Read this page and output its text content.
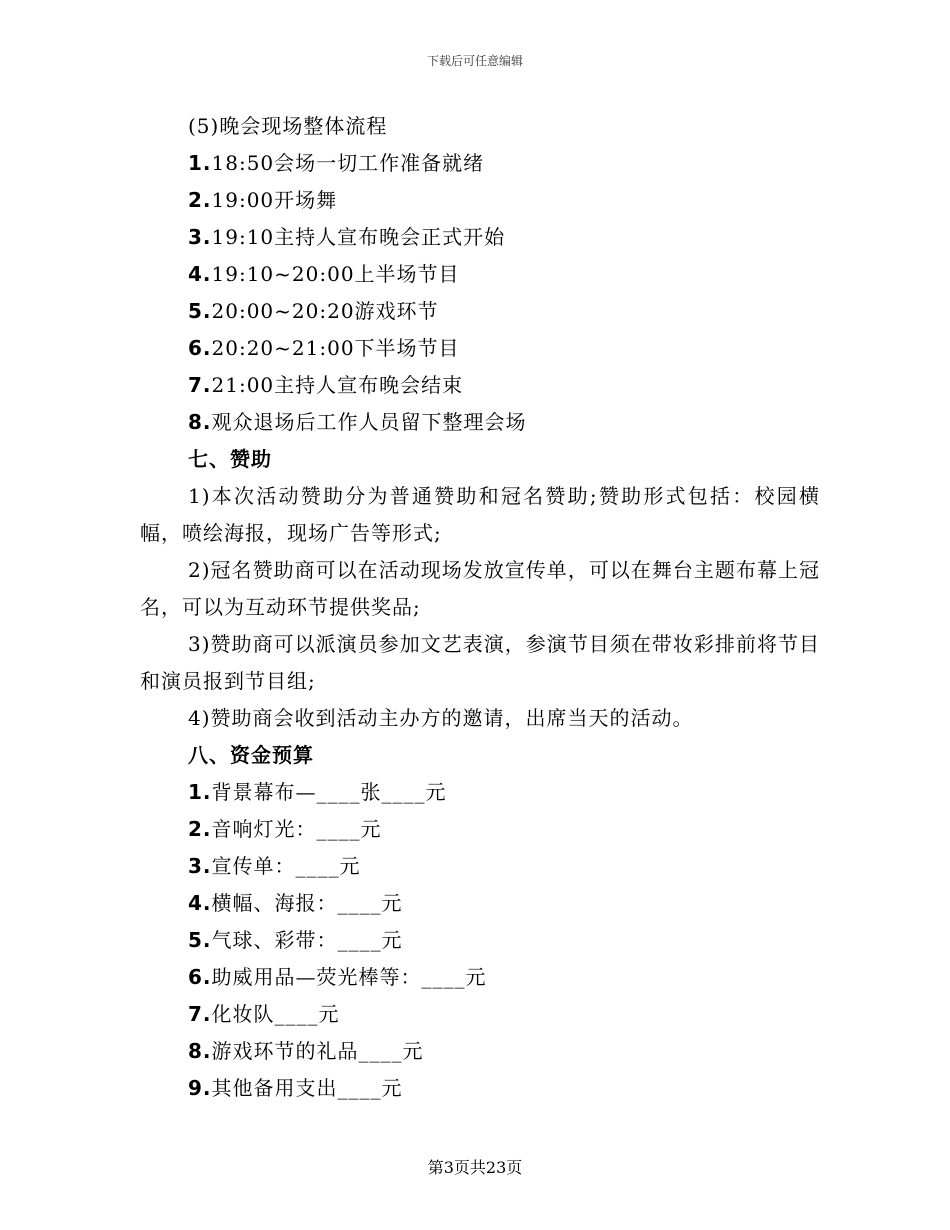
下载后可任意编辑
(5)晚会现场整体流程
1.18:50会场一切工作准备就绪
2.19:00开场舞
3.19:10主持人宣布晚会正式开始
4.19:10~20:00上半场节目
5.20:00~20:20游戏环节
6.20:20~21:00下半场节目
7.21:00主持人宣布晚会结束
8.观众退场后工作人员留下整理会场
七、赞助
1)本次活动赞助分为普通赞助和冠名赞助;赞助形式包括：校园横幅，喷绘海报，现场广告等形式;
2)冠名赞助商可以在活动现场发放宣传单，可以在舞台主题布幕上冠名，可以为互动环节提供奖品;
3)赞助商可以派演员参加文艺表演，参演节目须在带妆彩排前将节目和演员报到节目组;
4)赞助商会收到活动主办方的邀请，出席当天的活动。
八、资金预算
1.背景幕布—____张____元
2.音响灯光：____元
3.宣传单：____元
4.横幅、海报：____元
5.气球、彩带：____元
6.助威用品—荧光棒等：____元
7.化妆队____元
8.游戏环节的礼品____元
9.其他备用支出____元
第3页共23页
